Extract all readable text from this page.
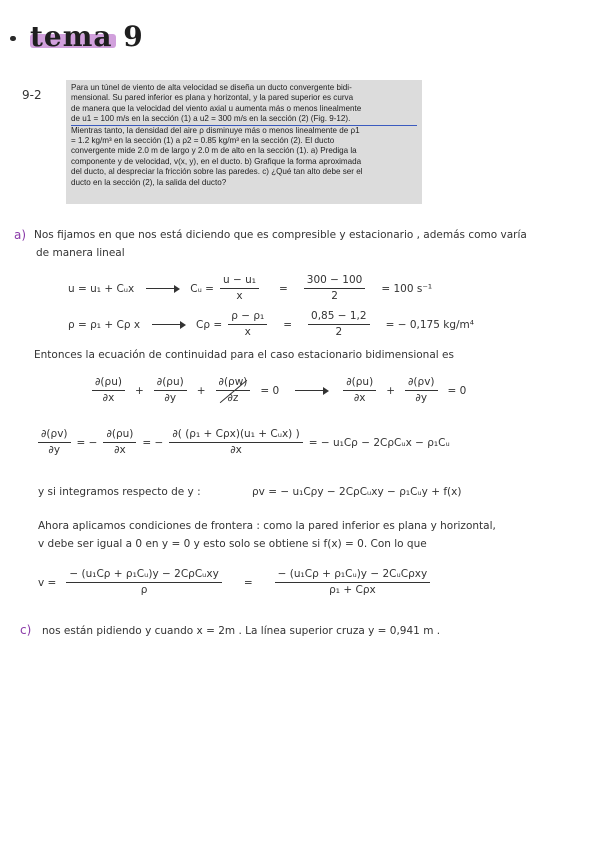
tema 9
9-2
Para un túnel de viento de alta velocidad se diseña un ducto convergente bidi-
mensional. Su pared inferior es plana y horizontal, y la pared superior es curva
de manera que la velocidad del viento axial u aumenta más o menos linealmente
de u1 = 100 m/s en la sección (1) a u2 = 300 m/s en la sección (2) (Fig. 9-12).
Mientras tanto, la densidad del aire ρ disminuye más o menos linealmente de ρ1
= 1.2 kg/m³ en la sección (1) a ρ2 = 0.85 kg/m³ en la sección (2). El ducto
convergente mide 2.0 m de largo y 2.0 m de alto en la sección (1). a) Prediga la
componente y de velocidad, v(x, y), en el ducto. b) Grafique la forma aproximada
del ducto, al despreciar la fricción sobre las paredes. c) ¿Qué tan alto debe ser el
ducto en la sección (2), la salida del ducto?
a) Nos fijamos en que nos está diciendo que es compresible y estacionario , además como varía
de manera lineal
u = u₁ + Cᵤx	Cᵤ = $\frac{\text{u − u₁}}{x} = \frac{300 - 100}{2} = 100$ s⁻¹
ρ = ρ₁ + Cρ x	$C\rho = \frac{\text{ρ − ρ₁}}{x} = \frac{0,85 - 1,2}{2}$ = − 0,175 kg/m⁴
Entonces la ecuación de continuidad para el caso estacionario bidimensional es
$\frac{\partial(\rho u)}{\partial x} + \frac{\partial(\rho u)}{\partial y} + \frac{\partial(\rho w)}{\partial z} = 0$	$\frac{\partial(\rho u)}{\partial x} + \frac{\partial(\rho v)}{\partial y} = 0$
$\frac{\partial(\rho v)}{\partial y}$ = − $\frac{\partial(\rho u)}{\partial x}$ = − $\frac{\text{∂( (ρ₁ + Cρx)(u₁ + Cᵤx) )}}{\partial x}$ = − u₁Cρ − 2CρCᵤx − ρ₁Cᵤ
y si integramos respecto de y :	ρv = − u₁Cρy − 2CρCᵤxy − ρ₁Cᵤy + f(x)
Ahora aplicamos condiciones de frontera : como la pared inferior es plana y horizontal,
v debe ser igual a 0 en y = 0 y esto solo se obtiene si f(x) = 0. Con lo que
$v = \frac{\text{− (u₁Cρ + ρ₁Cᵤ)y − 2CρCᵤxy}}{\rho} = \frac{\text{− (u₁Cρ + ρ₁Cᵤ)y − 2CᵤCρxy}}{\text{ρ₁ + Cρx}}$
c) nos están pidiendo y cuando x = 2m . La línea superior cruza y = 0,941 m .
